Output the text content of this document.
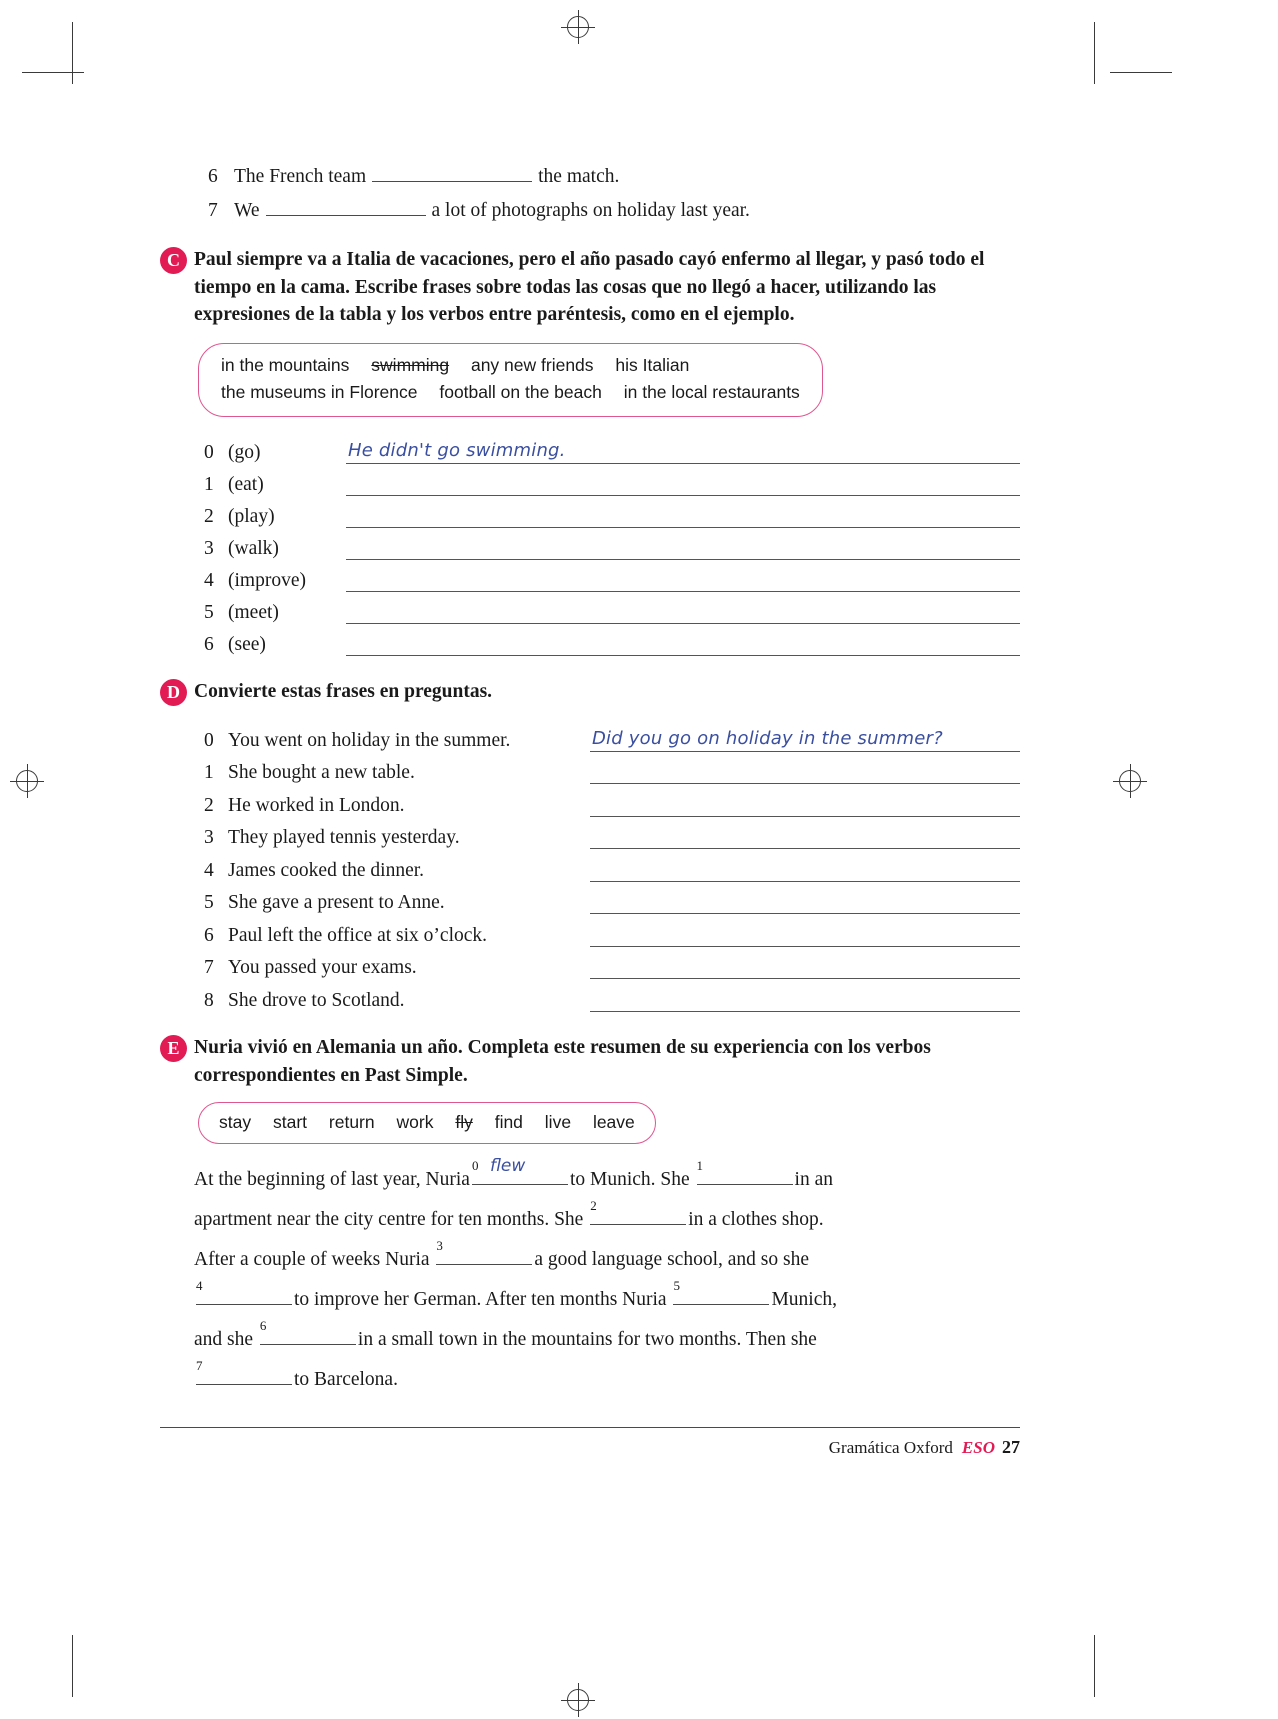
6 The French team	the match.
7 We	a lot of photographs on holiday last year.
C Paul siempre va a Italia de vacaciones, pero el año pasado cayó enfermo al llegar, y pasó todo el tiempo en la cama. Escribe frases sobre todas las cosas que no llegó a hacer, utilizando las expresiones de la tabla y los verbos entre paréntesis, como en el ejemplo.
in the mountains swimming any new friends his Italian
the museums in Florence football on the beach in the local restaurants
0 (go)	He didn't go swimming.
1 (eat)
2 (play)
3 (walk)
4 (improve)
5 (meet)
6 (see)
D Convierte estas frases en preguntas.
0 You went on holiday in the summer.	Did you go on holiday in the summer?
1 She bought a new table.
2 He worked in London.
3 They played tennis yesterday.
4 James cooked the dinner.
5 She gave a present to Anne.
6 Paul left the office at six o’clock.
7 You passed your exams.
8 She drove to Scotland.
E Nuria vivió en Alemania un año. Completa este resumen de su experiencia con los verbos correspondientes en Past Simple.
stay start return work fly find live leave
At the beginning of last year, Nuria
0 flew
to Munich. She
1
in an apartment near the city centre for ten months. She
2
in a clothes shop. After a couple of weeks Nuria
3
a good language school, and so she
4
to improve her German. After ten months Nuria
5
Munich, and she
6
in a small town in the mountains for two months. Then she
7
to Barcelona.
Gramática Oxford ESO 27
